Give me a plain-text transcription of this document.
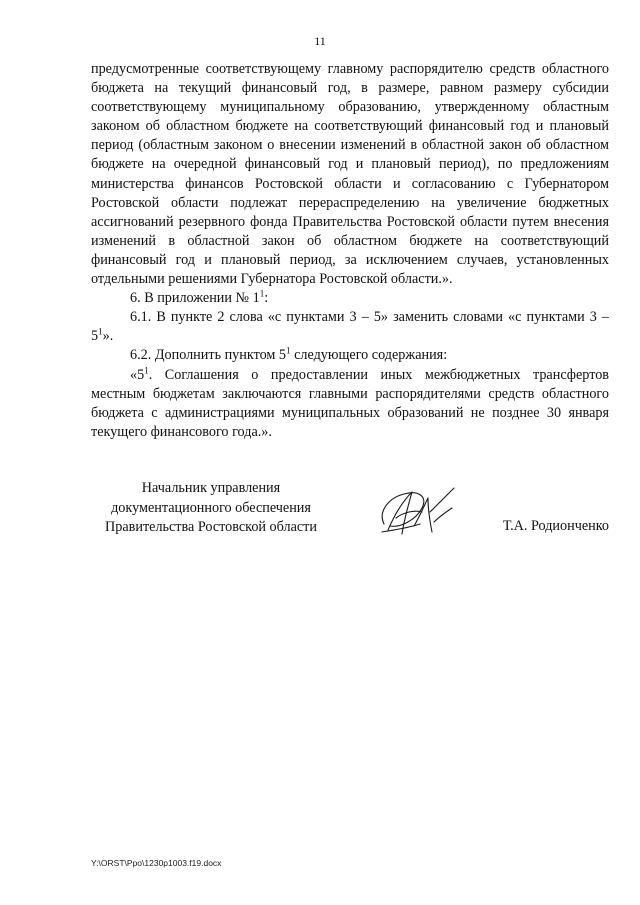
11

предусмотренные соответствующему главному распорядителю средств областного бюджета на текущий финансовый год, в размере, равном размеру субсидии соответствующему муниципальному образованию, утвержденному областным законом об областном бюджете на соответствующий финансовый год и плановый период (областным законом о внесении изменений в областной закон об областном бюджете на очередной финансовый год и плановый период), по предложениям министерства финансов Ростовской области и согласованию с Губернатором Ростовской области подлежат перераспределению на увеличение бюджетных ассигнований резервного фонда Правительства Ростовской области путем внесения изменений в областной закон об областном бюджете на соответствующий финансовый год и плановый период, за исключением случаев, установленных отдельными решениями Губернатора Ростовской области.».

6. В приложении № $1^1$:

6.1. В пункте 2 слова «с пунктами 3 – 5» заменить словами «с пунктами $3 - 5^1$».

6.2. Дополнить пунктом $5^1$ следующего содержания:

«$5^1$. Соглашения о предоставлении иных межбюджетных трансфертов местным бюджетам заключаются главными распорядителями средств областного бюджета с администрациями муниципальных образований не позднее 30 января текущего финансового года.».

Начальник управления
документационного обеспечения
Правительства Ростовской области	Т.А. Родионченко
Y:\ORST\Ppo\1230p1003.f19.docx
